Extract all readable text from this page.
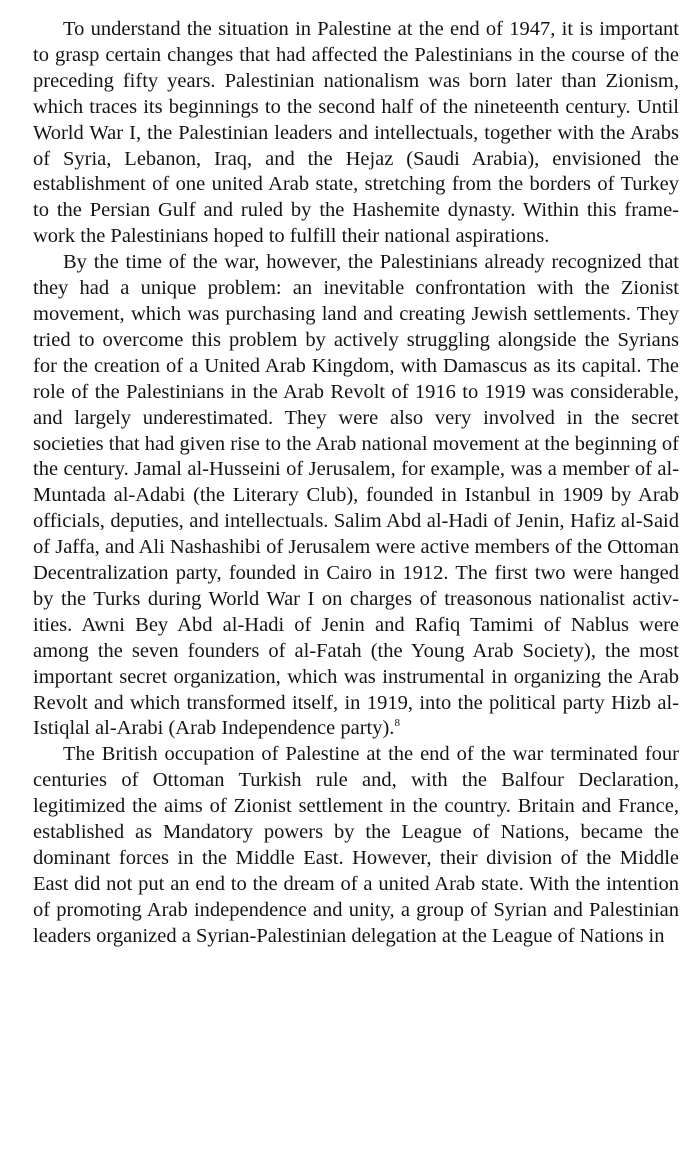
To understand the situation in Palestine at the end of 1947, it is important to grasp certain changes that had affected the Palestinians in the course of the preceding fifty years. Palestinian nationalism was born later than Zionism, which traces its beginnings to the second half of the nineteenth century. Until World War I, the Palestinian leaders and intellectuals, together with the Arabs of Syria, Lebanon, Iraq, and the Hejaz (Saudi Arabia), envisioned the establishment of one united Arab state, stretching from the borders of Turkey to the Persian Gulf and ruled by the Hashemite dynasty. Within this framework the Palestinians hoped to fulfill their national aspirations.

By the time of the war, however, the Palestinians already recognized that they had a unique problem: an inevitable confrontation with the Zionist movement, which was purchasing land and creating Jewish settlements. They tried to overcome this problem by actively struggling alongside the Syrians for the creation of a United Arab Kingdom, with Damascus as its capital. The role of the Palestinians in the Arab Revolt of 1916 to 1919 was considerable, and largely underestimated. They were also very involved in the secret societies that had given rise to the Arab national movement at the beginning of the century. Jamal al-Husseini of Jerusalem, for example, was a member of al-Muntada al-Adabi (the Literary Club), founded in Istanbul in 1909 by Arab officials, deputies, and intellectuals. Salim Abd al-Hadi of Jenin, Hafiz al-Said of Jaffa, and Ali Nashashibi of Jerusalem were active members of the Ottoman Decentralization party, founded in Cairo in 1912. The first two were hanged by the Turks during World War I on charges of treasonous nationalist activities. Awni Bey Abd al-Hadi of Jenin and Rafiq Tamimi of Nablus were among the seven founders of al-Fatah (the Young Arab Society), the most important secret organization, which was instrumental in organizing the Arab Revolt and which transformed itself, in 1919, into the political party Hizb al-Istiqlal al-Arabi (Arab Independence party).$^8$

The British occupation of Palestine at the end of the war terminated four centuries of Ottoman Turkish rule and, with the Balfour Declaration, legitimized the aims of Zionist settlement in the country. Britain and France, established as Mandatory powers by the League of Nations, became the dominant forces in the Middle East. However, their division of the Middle East did not put an end to the dream of a united Arab state. With the intention of promoting Arab independence and unity, a group of Syrian and Palestinian leaders organized a Syrian-Palestinian delegation at the League of Nations in
